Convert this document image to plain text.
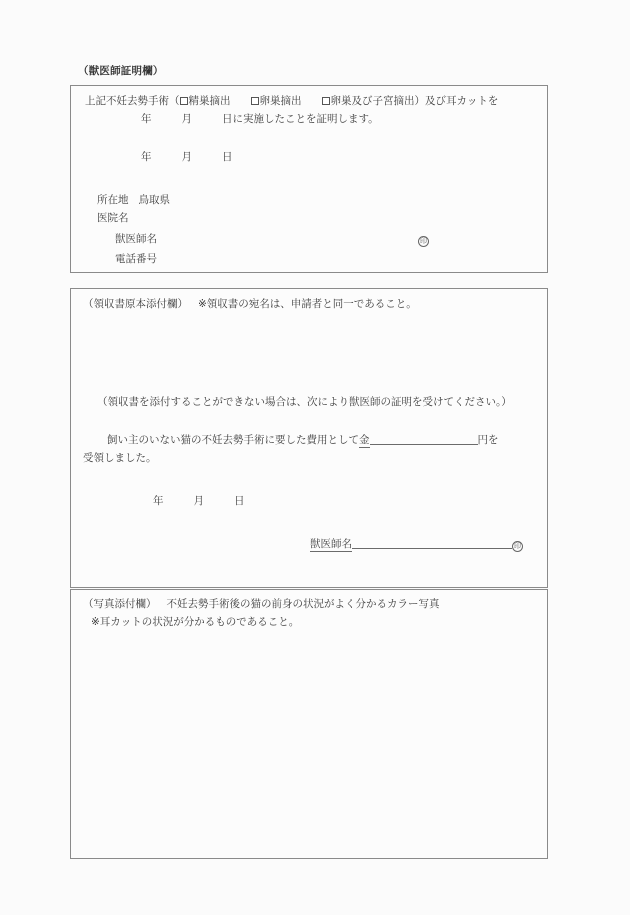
（獣医師証明欄）
上記不妊去勢手術（ 精巣摘出	卵巣摘出	卵巣及び子宮摘出）及び耳カットを
年	月	日に実施したことを証明します。
年	月	日
所在地 鳥取県
医院名
獣医師名	印
電話番号
（領収書原本添付欄） ※領収書の宛名は、申請者と同一であること。
（領収書を添付することができない場合は、次により獣医師の証明を受けてください。）
飼い主のいない猫の不妊去勢手術に要した費用として金	円を
受領しました。
年	月	日
獣医師名	印
（写真添付欄） 不妊去勢手術後の猫の前身の状況がよく分かるカラー写真
※耳カットの状況が分かるものであること。
